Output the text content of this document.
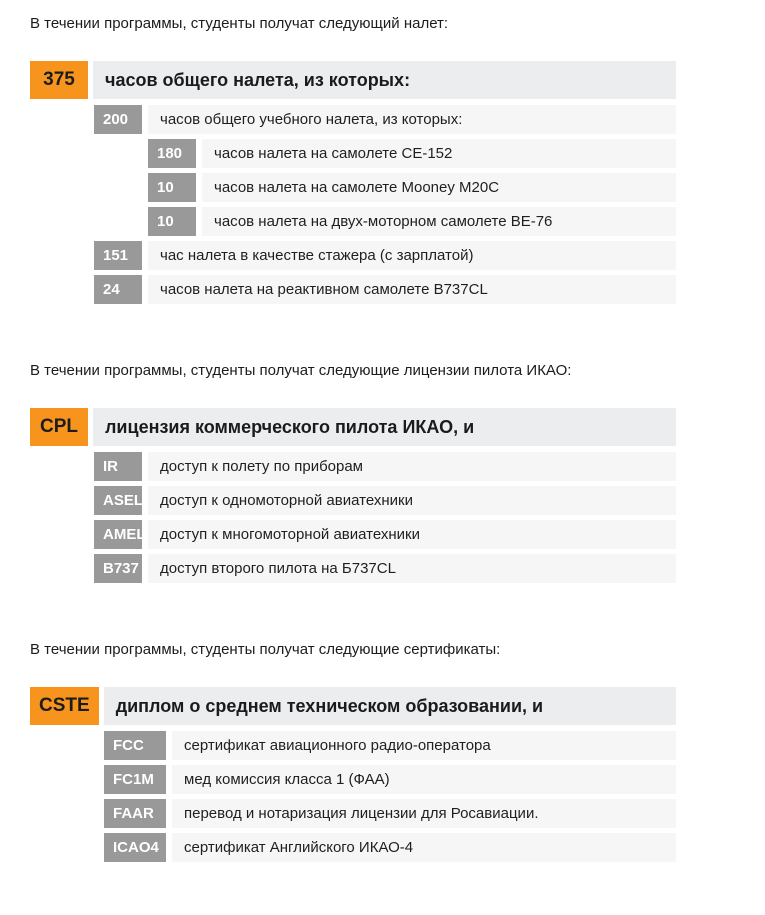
В течении программы, студенты получат следующий налет:

375	часов общего налета, из которых:
200	часов общего учебного налета, из которых:
180	часов налета на самолете CE-152
10	часов налета на самолете Mooney M20C
10	часов налета на двух-моторном самолете BE-76
151	час налета в качестве стажера (с зарплатой)
24	часов налета на реактивном самолете B737CL

В течении программы, студенты получат следующие лицензии пилота ИКАО:

CPL	лицензия коммерческого пилота ИКАО, и
IR	доступ к полету по приборам
ASEL	доступ к одномоторной авиатехники
AMEL доступ к многомоторной авиатехники
B737	доступ второго пилота на Б737CL

В течении программы, студенты получат следующие сертификаты:

CSTE	диплом о среднем техническом образовании, и
FCC	сертификат авиационного радио-оператора
FC1M	мед комиссия класса 1 (ФАА)
FAAR	перевод и нотаризация лицензии для Росавиации.
ICAO4	сертификат Английского ИКАО-4
